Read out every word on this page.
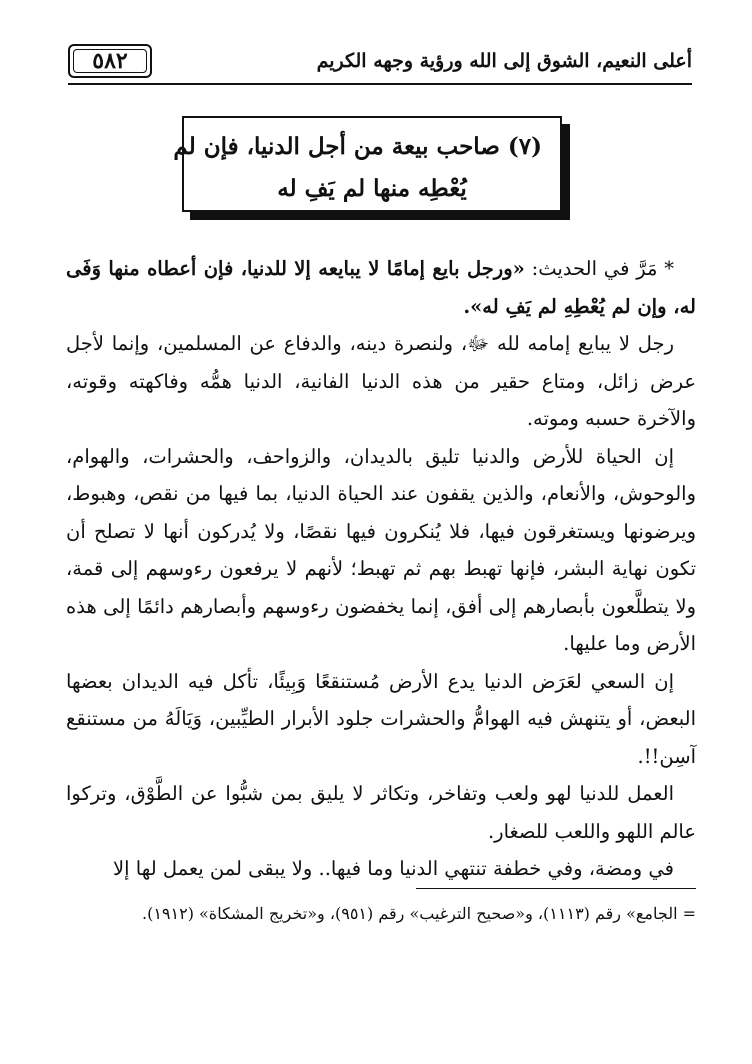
٥٨٢	أعلى النعيم، الشوق إلى الله ورؤية وجهه الكريم
(٧) صاحب بيعة من أجل الدنيا، فإن لم
يُعْطِه منها لم يَفِ له

* مَرَّ في الحديث: «ورجل بايع إمامًا لا يبايعه إلا للدنيا، فإن أعطاه منها وَفَى له، وإن لم يُعْطِهِ لم يَفِ له».

رجل لا يبايع إمامه لله ﷻ، ولنصرة دينه، والدفاع عن المسلمين، وإنما لأجل عرض زائل، ومتاع حقير من هذه الدنيا الفانية، الدنيا همُّه وفاكهته وقوته، والآخرة حسبه وموته.

إن الحياة للأرض والدنيا تليق بالديدان، والزواحف، والحشرات، والهوام، والوحوش، والأنعام، والذين يقفون عند الحياة الدنيا، بما فيها من نقص، وهبوط، ويرضونها ويستغرقون فيها، فلا يُنكرون فيها نقصًا، ولا يُدركون أنها لا تصلح أن تكون نهاية البشر، فإنها تهبط بهم ثم تهبط؛ لأنهم لا يرفعون رءوسهم إلى قمة، ولا يتطلَّعون بأبصارهم إلى أفق، إنما يخفضون رءوسهم وأبصارهم دائمًا إلى هذه الأرض وما عليها.

إن السعي لعَرَض الدنيا يدع الأرض مُستنقعًا وَبِيئًا، تأكل فيه الديدان بعضها البعض، أو يتنهش فيه الهوامُّ والحشرات جلود الأبرار الطيِّبين، وَيَالَهُ من مستنقع آسِن!!.

العمل للدنيا لهو ولعب وتفاخر، وتكاثر لا يليق بمن شبُّوا عن الطَّوْق، وتركوا عالم اللهو واللعب للصغار.

في ومضة، وفي خطفة تنتهي الدنيا وما فيها.. ولا يبقى لمن يعمل لها إلا

= الجامع» رقم (١١١٣)، و«صحيح الترغيب» رقم (٩٥١)، و«تخريج المشكاة» (١٩١٢).
